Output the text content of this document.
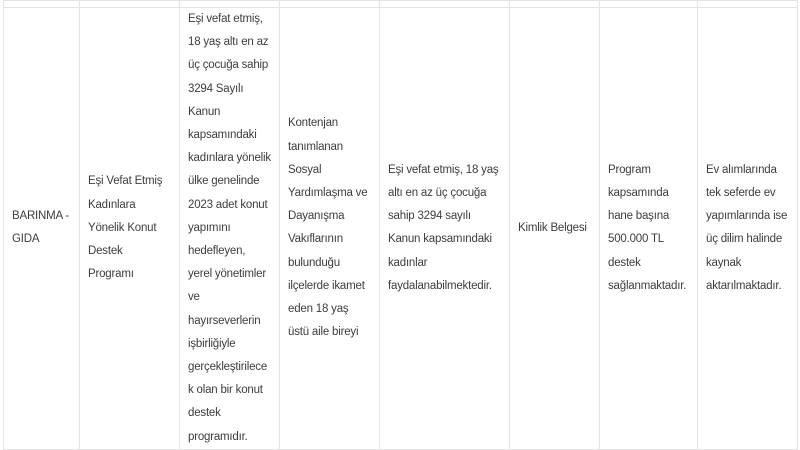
BARINMA - GIDA	Eşi Vefat Etmiş Kadınlara Yönelik Konut Destek Programı	Eşi vefat etmiş, 18 yaş altı en az üç çocuğa sahip 3294 Sayılı Kanun kapsamındaki kadınlara yönelik ülke genelinde 2023 adet konut yapımını hedefleyen, yerel yönetimler ve hayırseverlerin işbirliğiyle gerçekleştirilecek olan bir konut destek programıdır.	Kontenjan tanımlanan Sosyal Yardımlaşma ve Dayanışma Vakıflarının bulunduğu ilçelerde ikamet eden 18 yaş üstü aile bireyi	Eşi vefat etmiş, 18 yaş altı en az üç çocuğa sahip 3294 sayılı Kanun kapsamındaki kadınlar faydalanabilmektedir.	Kimlik Belgesi	Program kapsamında hane başına 500.000 TL destek sağlanmaktadır.	Ev alımlarında tek seferde ev yapımlarında ise üç dilim halinde kaynak aktarılmaktadır.
